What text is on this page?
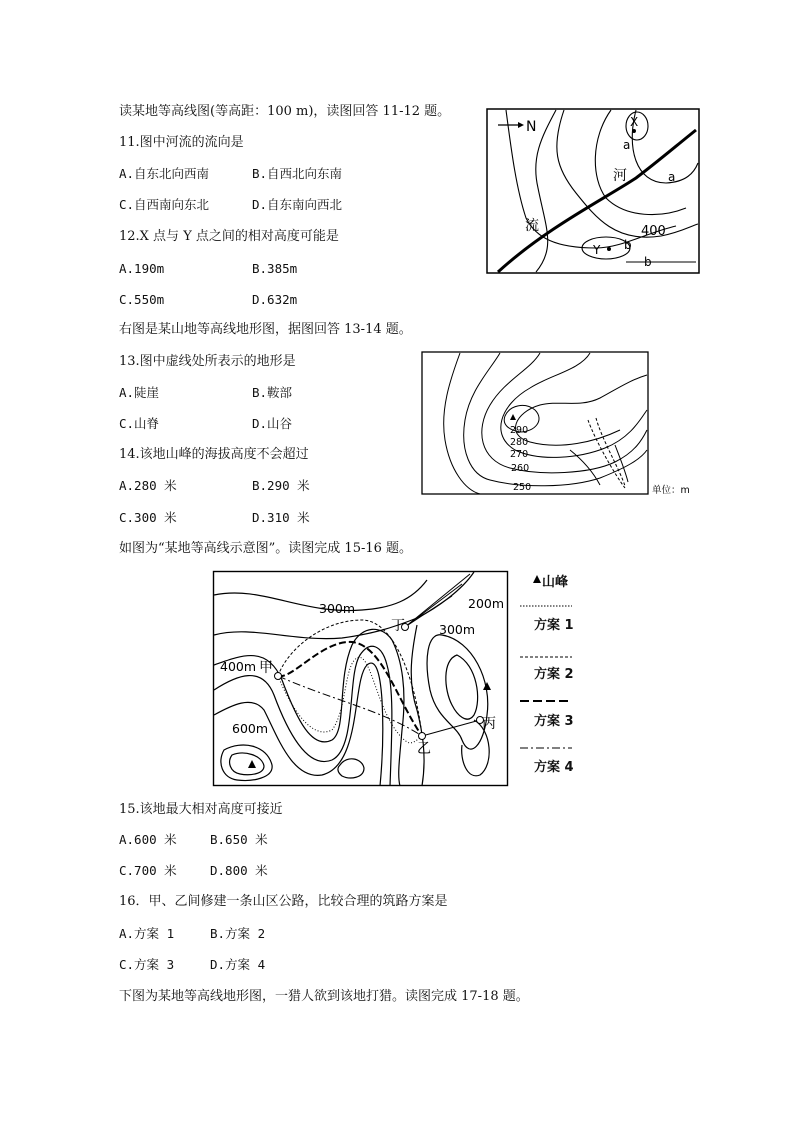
读某地等高线图(等高距：100 m)，读图回答 11-12 题。
11.图中河流的流向是
A.自东北向西南	B.自西北向东南
C.自西南向东北	D.自东南向西北
12.X 点与 Y 点之间的相对高度可能是
A.190m	B.385m
C.550m	D.632m
N
河
流	400
X
Y
a
a
b
b
右图是某山地等高线地形图，据图回答 13-14 题。
13.图中虚线处所表示的地形是
A.陡崖	B.鞍部
C.山脊	D.山谷
14.该地山峰的海拔高度不会超过
A.280 米	B.290 米
C.300 米	D.310 米
290
280
270
260
250	单位：m
如图为“某地等高线示意图”。读图完成 15-16 题。
300m	200m
300m
400m
600m
丁
甲
乙
丙
山峰
方案 1
方案 2
方案 3
方案 4
15.该地最大相对高度可接近
A.600 米	B.650 米
C.700 米	D.800 米
16．甲、乙间修建一条山区公路，比较合理的筑路方案是
A.方案 1	B.方案 2
C.方案 3	D.方案 4
下图为某地等高线地形图，一猎人欲到该地打猎。读图完成 17-18 题。
